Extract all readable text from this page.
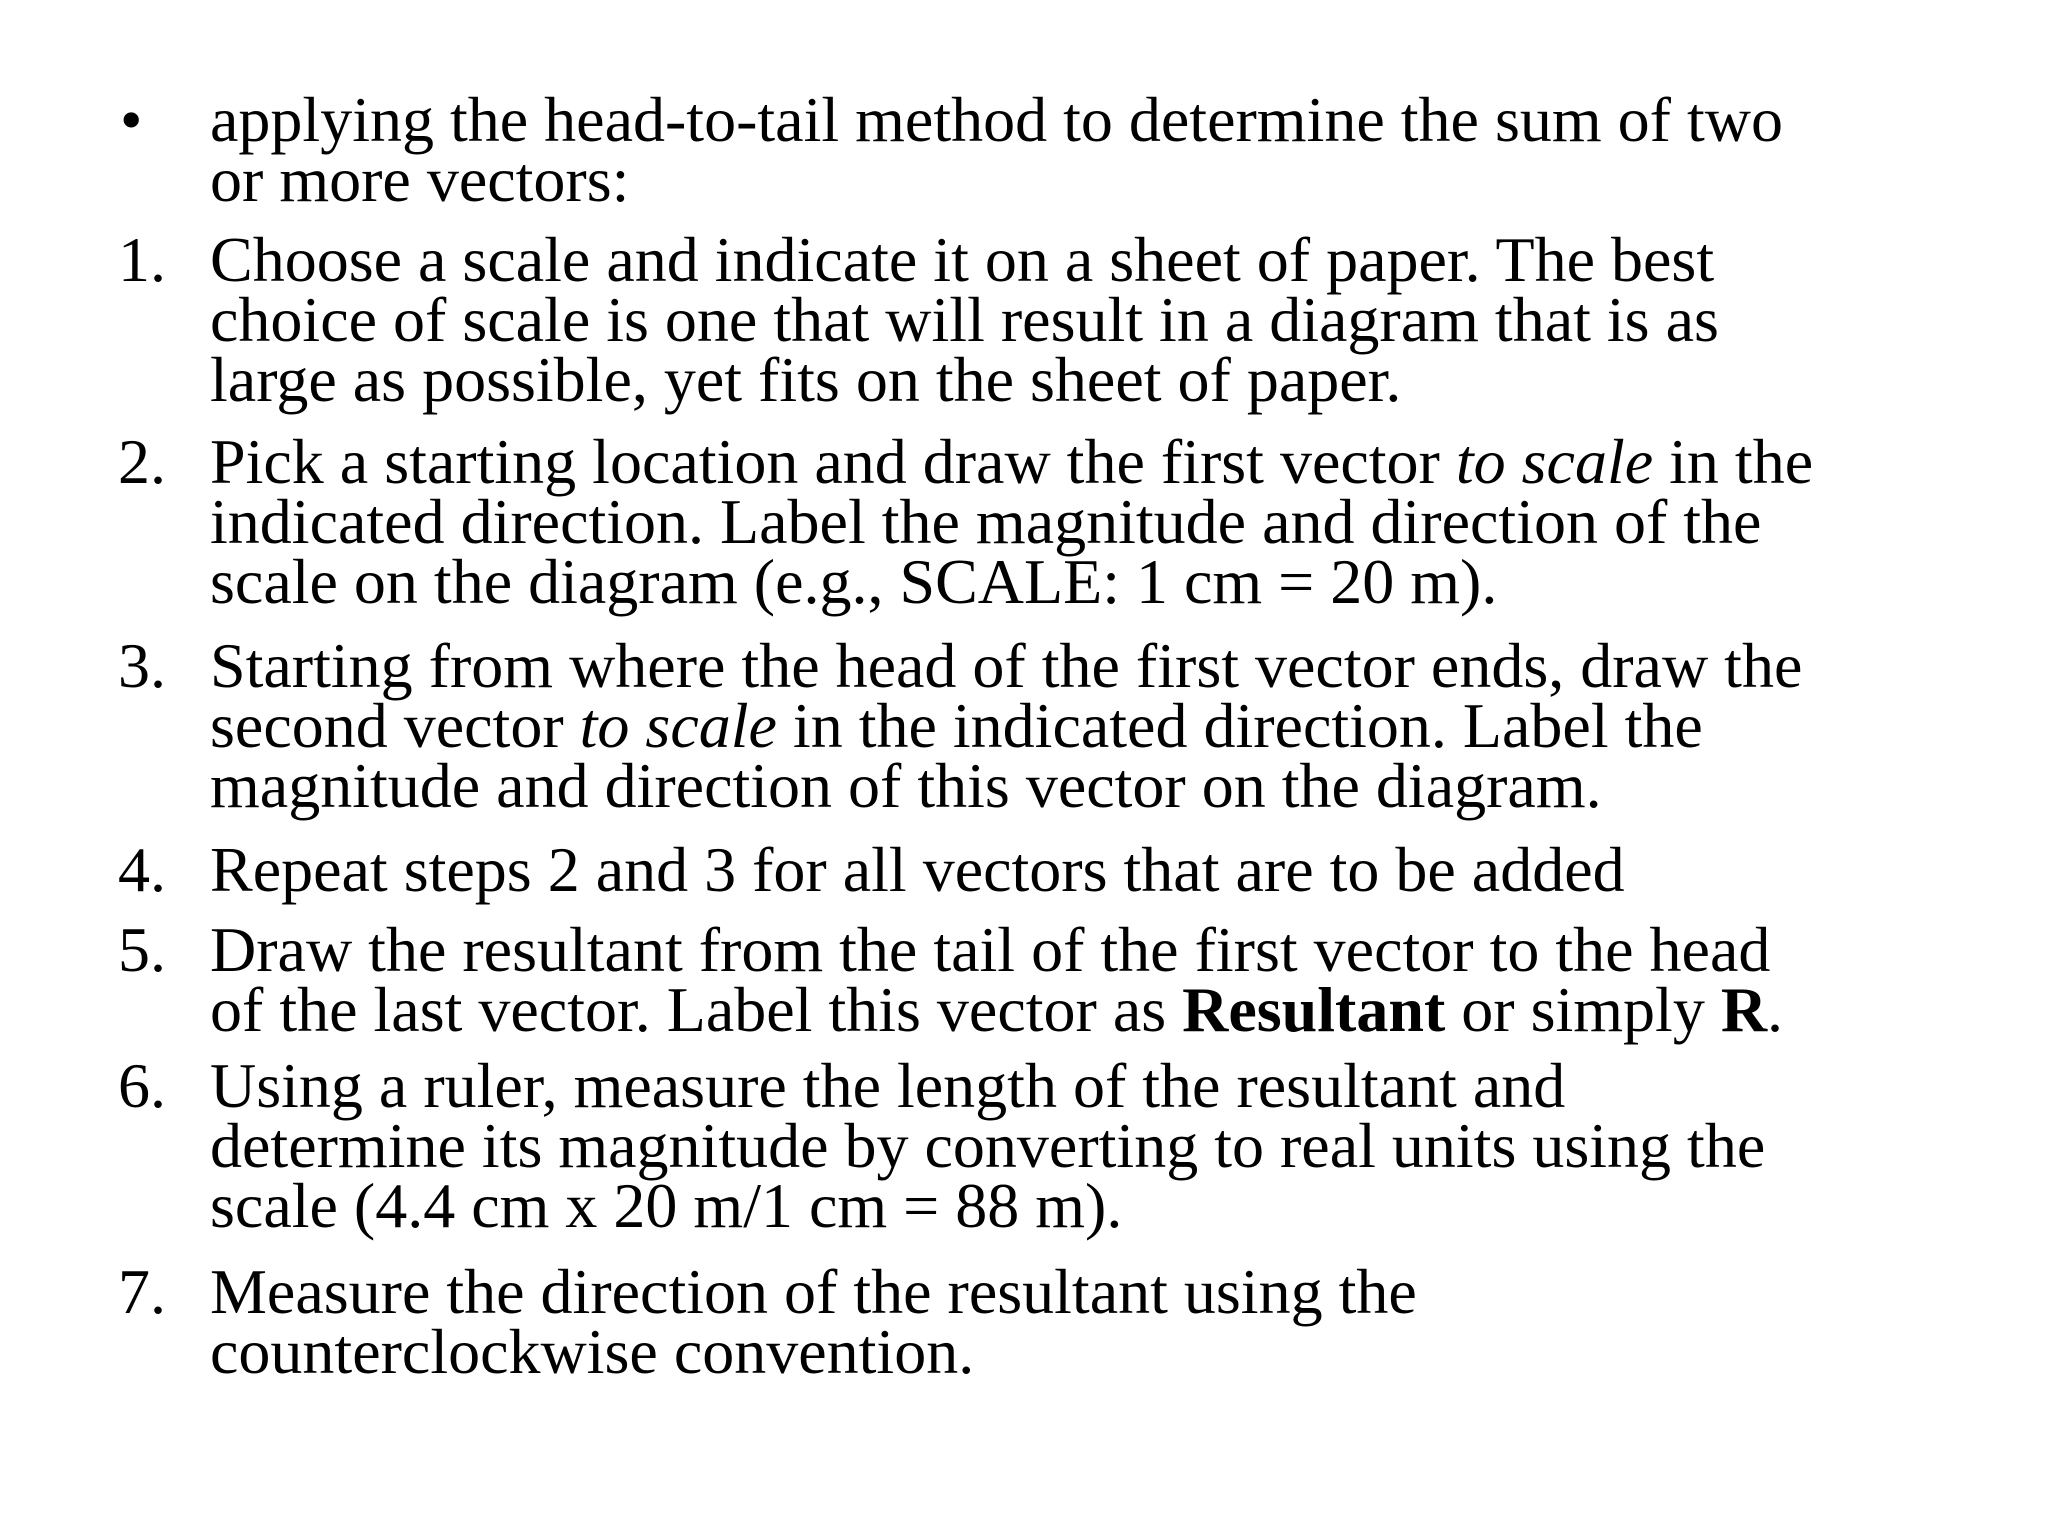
•	applying the head-to-tail method to determine the sum of two
or more vectors:
1. Choose a scale and indicate it on a sheet of paper. The best
choice of scale is one that will result in a diagram that is as
large as possible, yet fits on the sheet of paper.
2. Pick a starting location and draw the first vector to scale in the
indicated direction. Label the magnitude and direction of the
scale on the diagram (e.g., SCALE: 1 cm = 20 m).
3. Starting from where the head of the first vector ends, draw the
second vector to scale in the indicated direction. Label the
magnitude and direction of this vector on the diagram.
4. Repeat steps 2 and 3 for all vectors that are to be added
5. Draw the resultant from the tail of the first vector to the head
of the last vector. Label this vector as Resultant or simply R.
6. Using a ruler, measure the length of the resultant and
determine its magnitude by converting to real units using the
scale (4.4 cm x 20 m/1 cm = 88 m).
7. Measure the direction of the resultant using the
counterclockwise convention.
